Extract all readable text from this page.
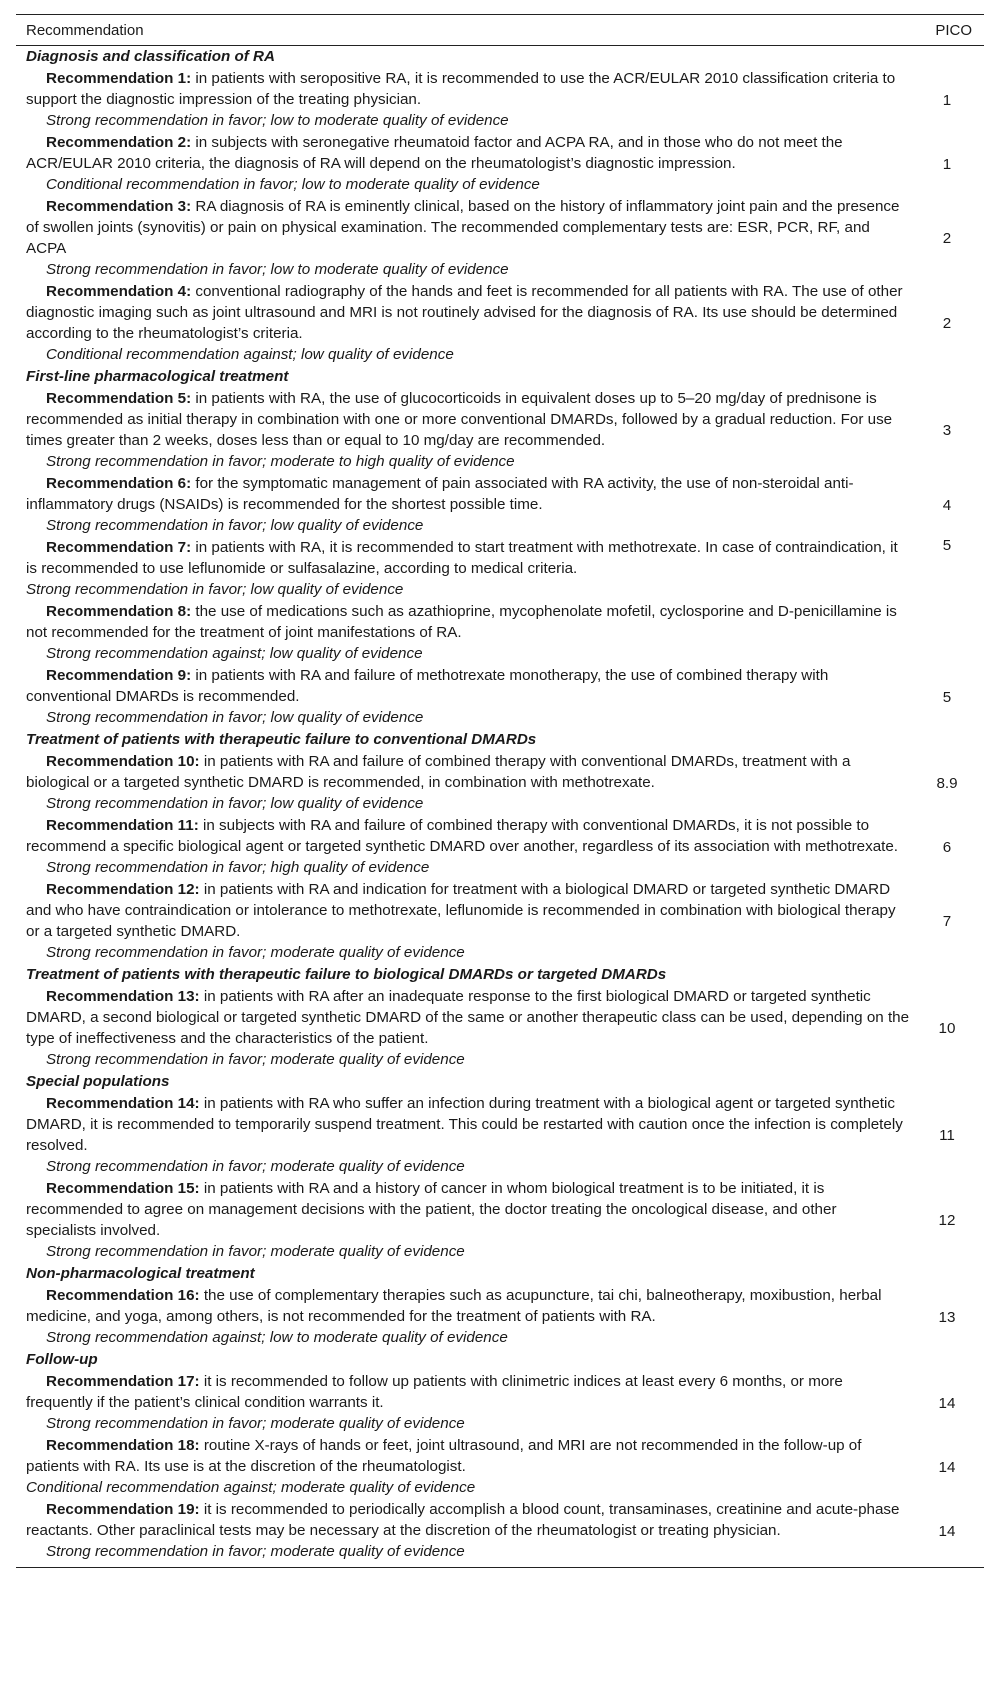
Recommendation	PICO
Diagnosis and classification of RA
Recommendation 1: in patients with seropositive RA, it is recommended to use the ACR/EULAR 2010 classification criteria to support the diagnostic impression of the treating physician.
Strong recommendation in favor; low to moderate quality of evidence
1
Recommendation 2: in subjects with seronegative rheumatoid factor and ACPA RA, and in those who do not meet the ACR/EULAR 2010 criteria, the diagnosis of RA will depend on the rheumatologist’s diagnostic impression.
Conditional recommendation in favor; low to moderate quality of evidence
1
Recommendation 3: RA diagnosis of RA is eminently clinical, based on the history of inflammatory joint pain and the presence of swollen joints (synovitis) or pain on physical examination. The recommended complementary tests are: ESR, PCR, RF, and ACPA
Strong recommendation in favor; low to moderate quality of evidence
2
Recommendation 4: conventional radiography of the hands and feet is recommended for all patients with RA. The use of other diagnostic imaging such as joint ultrasound and MRI is not routinely advised for the diagnosis of RA. Its use should be determined according to the rheumatologist’s criteria.
Conditional recommendation against; low quality of evidence
2
First-line pharmacological treatment
Recommendation 5: in patients with RA, the use of glucocorticoids in equivalent doses up to 5–20 mg/day of prednisone is recommended as initial therapy in combination with one or more conventional DMARDs, followed by a gradual reduction. For use times greater than 2 weeks, doses less than or equal to 10 mg/day are recommended.
Strong recommendation in favor; moderate to high quality of evidence
3
Recommendation 6: for the symptomatic management of pain associated with RA activity, the use of non-steroidal anti-inflammatory drugs (NSAIDs) is recommended for the shortest possible time.
Strong recommendation in favor; low quality of evidence
4
Recommendation 7: in patients with RA, it is recommended to start treatment with methotrexate. In case of contraindication, it is recommended to use leflunomide or sulfasalazine, according to medical criteria.
Strong recommendation in favor; low quality of evidence
5
Recommendation 8: the use of medications such as azathioprine, mycophenolate mofetil, cyclosporine and D-penicillamine is not recommended for the treatment of joint manifestations of RA.
Strong recommendation against; low quality of evidence
Recommendation 9: in patients with RA and failure of methotrexate monotherapy, the use of combined therapy with conventional DMARDs is recommended.
Strong recommendation in favor; low quality of evidence
5
Treatment of patients with therapeutic failure to conventional DMARDs
Recommendation 10: in patients with RA and failure of combined therapy with conventional DMARDs, treatment with a biological or a targeted synthetic DMARD is recommended, in combination with methotrexate.
Strong recommendation in favor; low quality of evidence
8.9
Recommendation 11: in subjects with RA and failure of combined therapy with conventional DMARDs, it is not possible to recommend a specific biological agent or targeted synthetic DMARD over another, regardless of its association with methotrexate.
Strong recommendation in favor; high quality of evidence
6
Recommendation 12: in patients with RA and indication for treatment with a biological DMARD or targeted synthetic DMARD and who have contraindication or intolerance to methotrexate, leflunomide is recommended in combination with biological therapy or a targeted synthetic DMARD.
Strong recommendation in favor; moderate quality of evidence
7
Treatment of patients with therapeutic failure to biological DMARDs or targeted DMARDs
Recommendation 13: in patients with RA after an inadequate response to the first biological DMARD or targeted synthetic DMARD, a second biological or targeted synthetic DMARD of the same or another therapeutic class can be used, depending on the type of ineffectiveness and the characteristics of the patient.
Strong recommendation in favor; moderate quality of evidence
10
Special populations
Recommendation 14: in patients with RA who suffer an infection during treatment with a biological agent or targeted synthetic DMARD, it is recommended to temporarily suspend treatment. This could be restarted with caution once the infection is completely resolved.
Strong recommendation in favor; moderate quality of evidence
11
Recommendation 15: in patients with RA and a history of cancer in whom biological treatment is to be initiated, it is recommended to agree on management decisions with the patient, the doctor treating the oncological disease, and other specialists involved.
Strong recommendation in favor; moderate quality of evidence
12
Non-pharmacological treatment
Recommendation 16: the use of complementary therapies such as acupuncture, tai chi, balneotherapy, moxibustion, herbal medicine, and yoga, among others, is not recommended for the treatment of patients with RA.
Strong recommendation against; low to moderate quality of evidence
13
Follow-up
Recommendation 17: it is recommended to follow up patients with clinimetric indices at least every 6 months, or more frequently if the patient’s clinical condition warrants it.
Strong recommendation in favor; moderate quality of evidence
14
Recommendation 18: routine X-rays of hands or feet, joint ultrasound, and MRI are not recommended in the follow-up of patients with RA. Its use is at the discretion of the rheumatologist.
Conditional recommendation against; moderate quality of evidence
14
Recommendation 19: it is recommended to periodically accomplish a blood count, transaminases, creatinine and acute-phase reactants. Other paraclinical tests may be necessary at the discretion of the rheumatologist or treating physician.
Strong recommendation in favor; moderate quality of evidence
14
